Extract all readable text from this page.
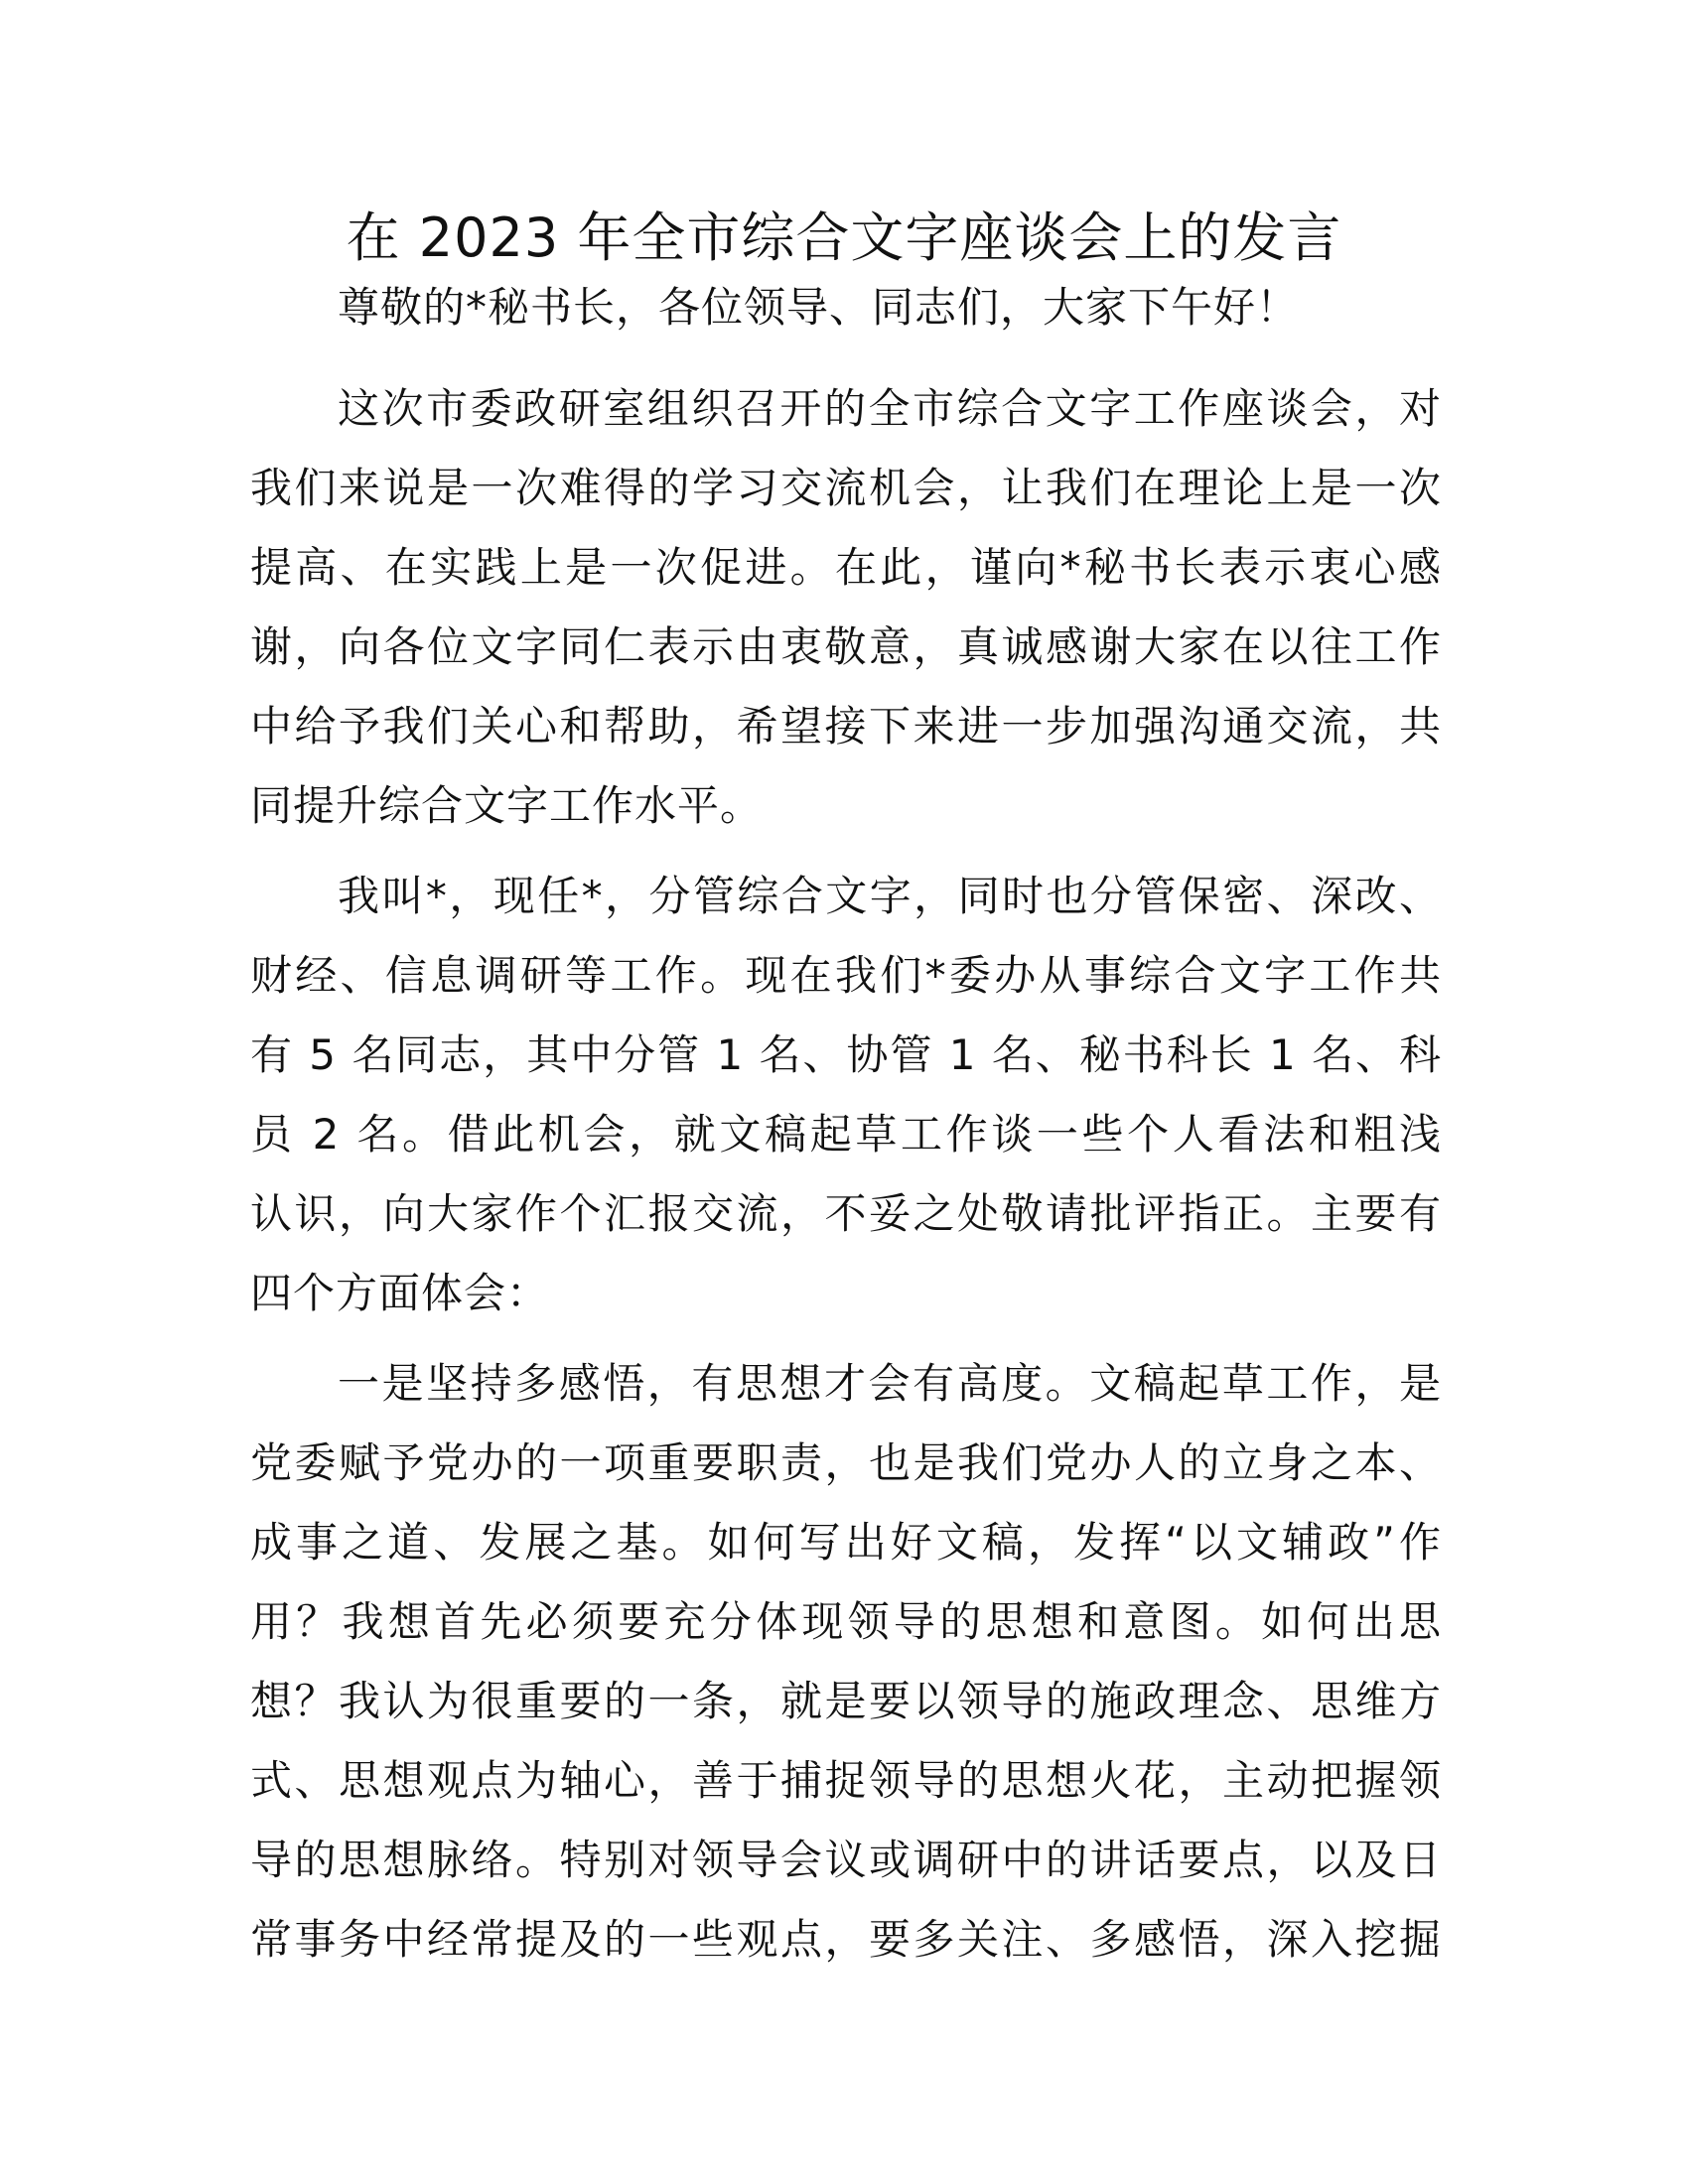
在 2023 年全市综合文字座谈会上的发言
尊敬的*秘书长，各位领导、同志们，大家下午好！
这次市委政研室组织召开的全市综合文字工作座谈会，对
我们来说是一次难得的学习交流机会，让我们在理论上是一次
提高、在实践上是一次促进。在此，谨向*秘书长表示衷心感
谢，向各位文字同仁表示由衷敬意，真诚感谢大家在以往工作
中给予我们关心和帮助，希望接下来进一步加强沟通交流，共
同提升综合文字工作水平。
我叫*，现任*，分管综合文字，同时也分管保密、深改、
财经、信息调研等工作。现在我们*委办从事综合文字工作共
有 5 名同志，其中分管 1 名、协管 1 名、秘书科长 1 名、科
员 2 名。借此机会，就文稿起草工作谈一些个人看法和粗浅
认识，向大家作个汇报交流，不妥之处敬请批评指正。主要有
四个方面体会：
一是坚持多感悟，有思想才会有高度。文稿起草工作，是
党委赋予党办的一项重要职责，也是我们党办人的立身之本、
成事之道、发展之基。如何写出好文稿，发挥“以文辅政”作
用？我想首先必须要充分体现领导的思想和意图。如何出思
想？我认为很重要的一条，就是要以领导的施政理念、思维方
式、思想观点为轴心，善于捕捉领导的思想火花，主动把握领
导的思想脉络。特别对领导会议或调研中的讲话要点，以及日
常事务中经常提及的一些观点，要多关注、多感悟，深入挖掘
